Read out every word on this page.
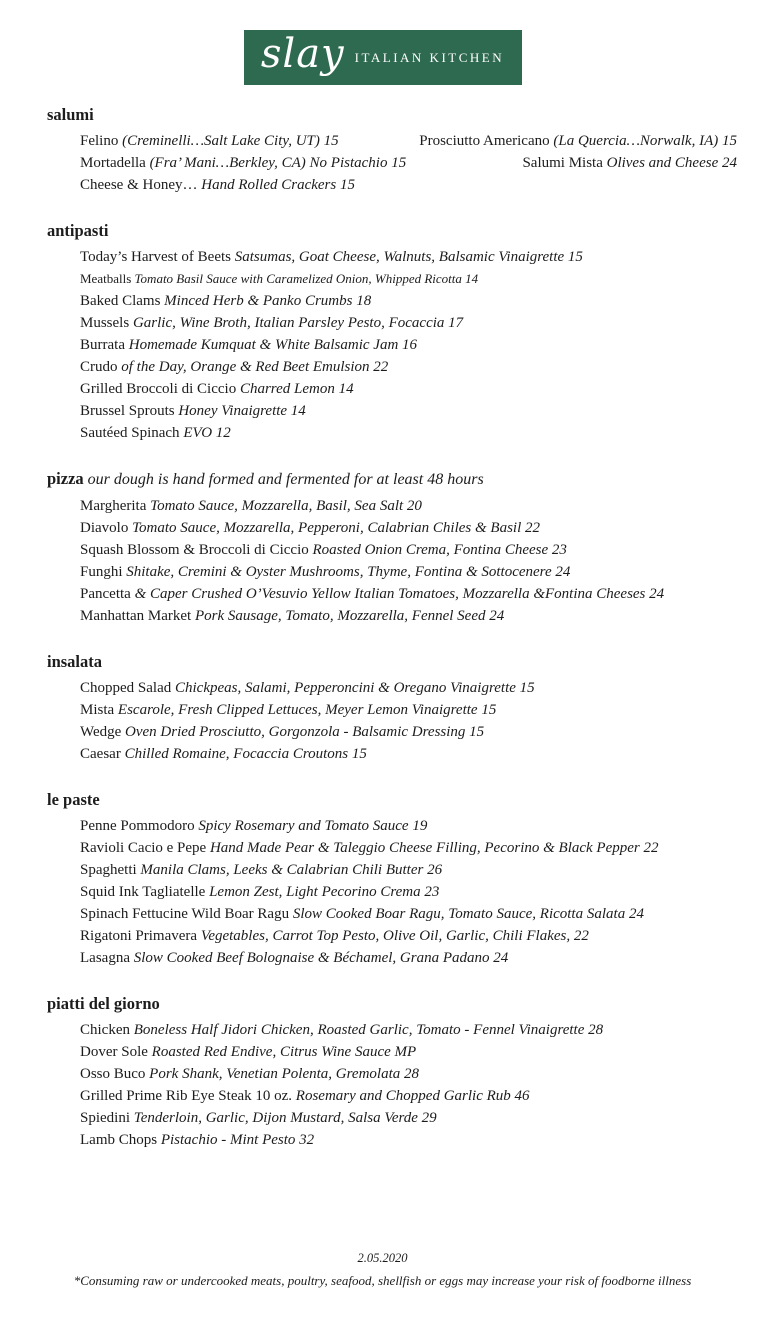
slay ITALIAN KITCHEN
salumi
Felino (Creminelli…Salt Lake City, UT) 15	Prosciutto Americano (La Quercia…Norwalk, IA) 15
Mortadella (Fra’ Mani…Berkley, CA) No Pistachio 15	Salumi Mista Olives and Cheese 24
Cheese & Honey… Hand Rolled Crackers 15
antipasti
Today’s Harvest of Beets Satsumas, Goat Cheese, Walnuts, Balsamic Vinaigrette 15
Meatballs Tomato Basil Sauce with Caramelized Onion, Whipped Ricotta 14
Baked Clams Minced Herb & Panko Crumbs 18
Mussels Garlic, Wine Broth, Italian Parsley Pesto, Focaccia 17
Burrata Homemade Kumquat & White Balsamic Jam 16
Crudo of the Day, Orange & Red Beet Emulsion 22
Grilled Broccoli di Ciccio Charred Lemon 14
Brussel Sprouts Honey Vinaigrette 14
Sautéed Spinach EVO 12
pizza our dough is hand formed and fermented for at least 48 hours
Margherita Tomato Sauce, Mozzarella, Basil, Sea Salt 20
Diavolo Tomato Sauce, Mozzarella, Pepperoni, Calabrian Chiles & Basil 22
Squash Blossom & Broccoli di Ciccio Roasted Onion Crema, Fontina Cheese 23
Funghi Shitake, Cremini & Oyster Mushrooms, Thyme, Fontina & Sottocenere 24
Pancetta & Caper Crushed O’Vesuvio Yellow Italian Tomatoes, Mozzarella &Fontina Cheeses 24
Manhattan Market Pork Sausage, Tomato, Mozzarella, Fennel Seed 24
insalata
Chopped Salad Chickpeas, Salami, Pepperoncini & Oregano Vinaigrette 15
Mista Escarole, Fresh Clipped Lettuces, Meyer Lemon Vinaigrette 15
Wedge Oven Dried Prosciutto, Gorgonzola - Balsamic Dressing 15
Caesar Chilled Romaine, Focaccia Croutons 15
le paste
Penne Pommodoro Spicy Rosemary and Tomato Sauce 19
Ravioli Cacio e Pepe Hand Made Pear & Taleggio Cheese Filling, Pecorino & Black Pepper 22
Spaghetti Manila Clams, Leeks & Calabrian Chili Butter 26
Squid Ink Tagliatelle Lemon Zest, Light Pecorino Crema 23
Spinach Fettucine Wild Boar Ragu Slow Cooked Boar Ragu, Tomato Sauce, Ricotta Salata 24
Rigatoni Primavera Vegetables, Carrot Top Pesto, Olive Oil, Garlic, Chili Flakes, 22
Lasagna Slow Cooked Beef Bolognaise & Béchamel, Grana Padano 24
piatti del giorno
Chicken Boneless Half Jidori Chicken, Roasted Garlic, Tomato - Fennel Vinaigrette 28
Dover Sole Roasted Red Endive, Citrus Wine Sauce MP
Osso Buco Pork Shank, Venetian Polenta, Gremolata 28
Grilled Prime Rib Eye Steak 10 oz. Rosemary and Chopped Garlic Rub 46
Spiedini Tenderloin, Garlic, Dijon Mustard, Salsa Verde 29
Lamb Chops Pistachio - Mint Pesto 32
2.05.2020
*Consuming raw or undercooked meats, poultry, seafood, shellfish or eggs may increase your risk of foodborne illness
